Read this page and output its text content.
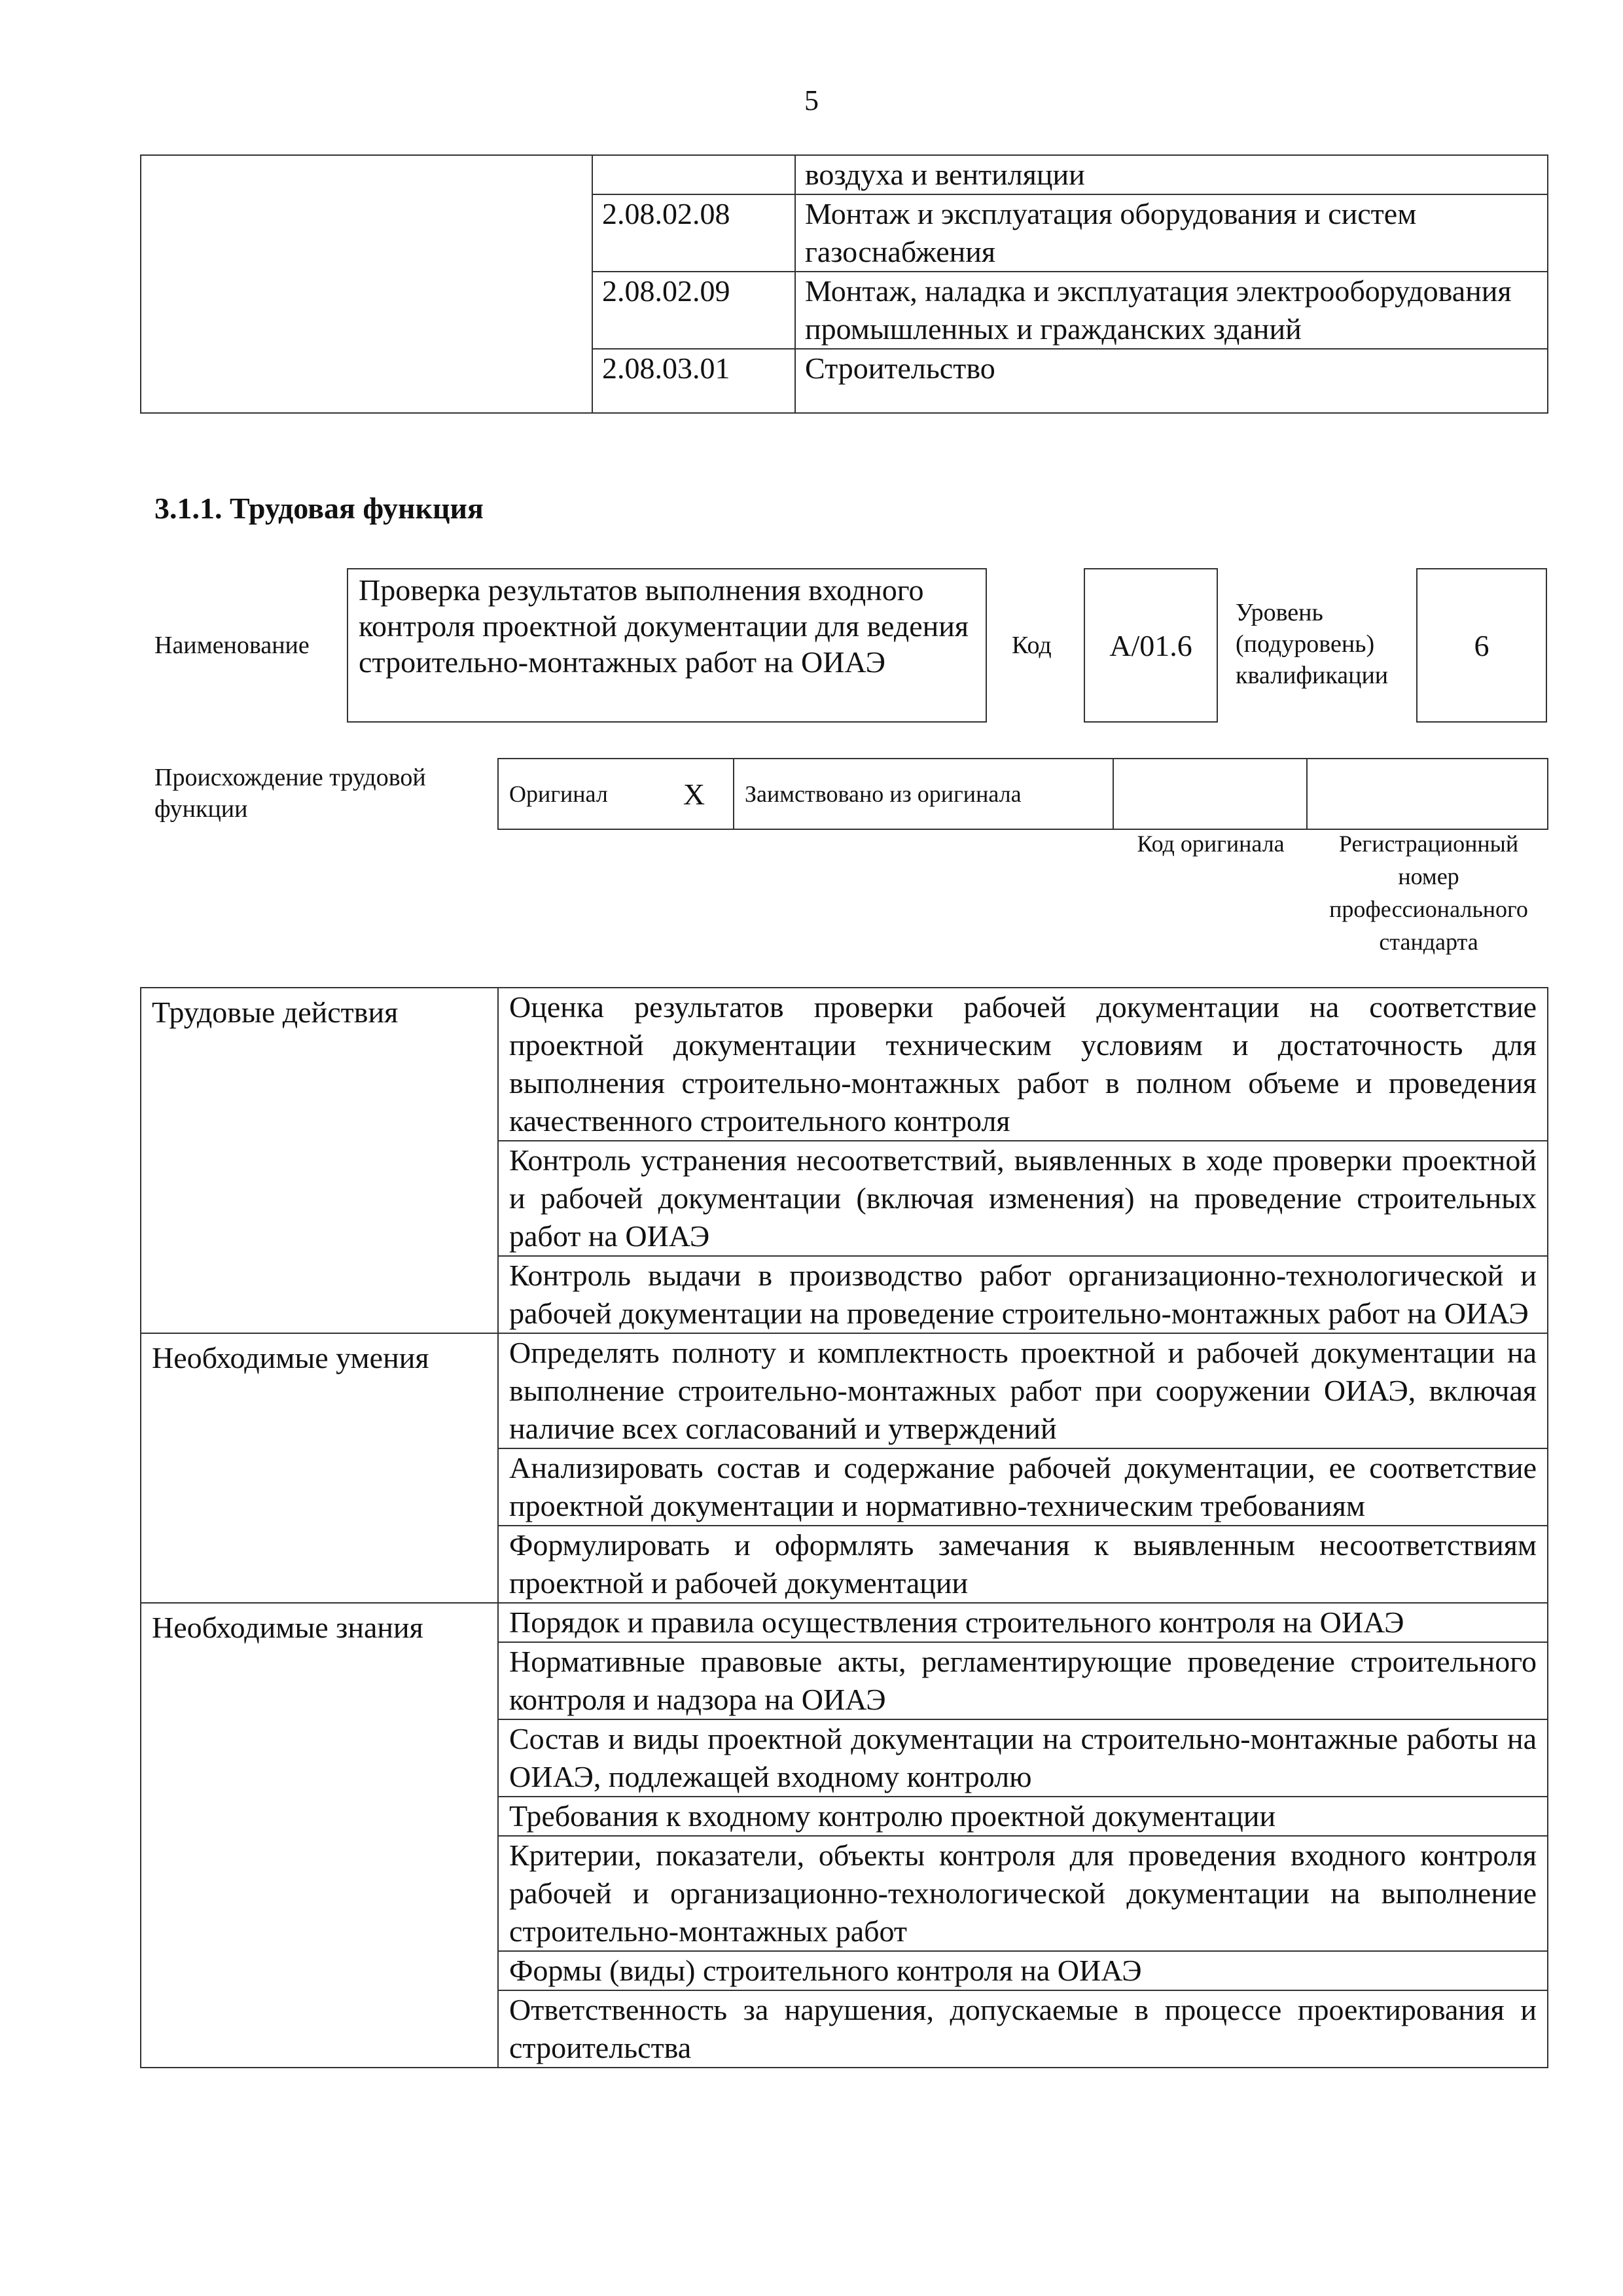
5
		воздуха и вентиляции
	2.08.02.08	Монтаж и эксплуатация оборудования и систем газоснабжения
	2.08.02.09	Монтаж, наладка и эксплуатация электрооборудования промышленных и гражданских зданий
	2.08.03.01	Строительство
3.1.1. Трудовая функция
Наименование
Проверка результатов выполнения входного контроля проектной документации для ведения строительно-монтажных работ на ОИАЭ	Код A/01.6
Уровень (подуровень) квалификации
6
Происхождение трудовой функции
Оригинал	X	Заимствовано из оригинала		
Код оригинала	Регистрационный номер профессионального стандарта
Трудовые действия	Оценка результатов проверки рабочей документации на соответствие проектной документации техническим условиям и достаточность для выполнения строительно-монтажных работ в полном объеме и проведения качественного строительного контроля
	Контроль устранения несоответствий, выявленных в ходе проверки проектной и рабочей документации (включая изменения) на проведение строительных работ на ОИАЭ
	Контроль выдачи в производство работ организационно-технологической и рабочей документации на проведение строительно-монтажных работ на ОИАЭ
Необходимые умения	Определять полноту и комплектность проектной и рабочей документации на выполнение строительно-монтажных работ при сооружении ОИАЭ, включая наличие всех согласований и утверждений
	Анализировать состав и содержание рабочей документации, ее соответствие проектной документации и нормативно-техническим требованиям
	Формулировать и оформлять замечания к выявленным несоответствиям проектной и рабочей документации
Необходимые знания	Порядок и правила осуществления строительного контроля на ОИАЭ
	Нормативные правовые акты, регламентирующие проведение строительного контроля и надзора на ОИАЭ
	Состав и виды проектной документации на строительно-монтажные работы на ОИАЭ, подлежащей входному контролю
	Требования к входному контролю проектной документации
	Критерии, показатели, объекты контроля для проведения входного контроля рабочей и организационно-технологической документации на выполнение строительно-монтажных работ
	Формы (виды) строительного контроля на ОИАЭ
	Ответственность за нарушения, допускаемые в процессе проектирования и строительства
